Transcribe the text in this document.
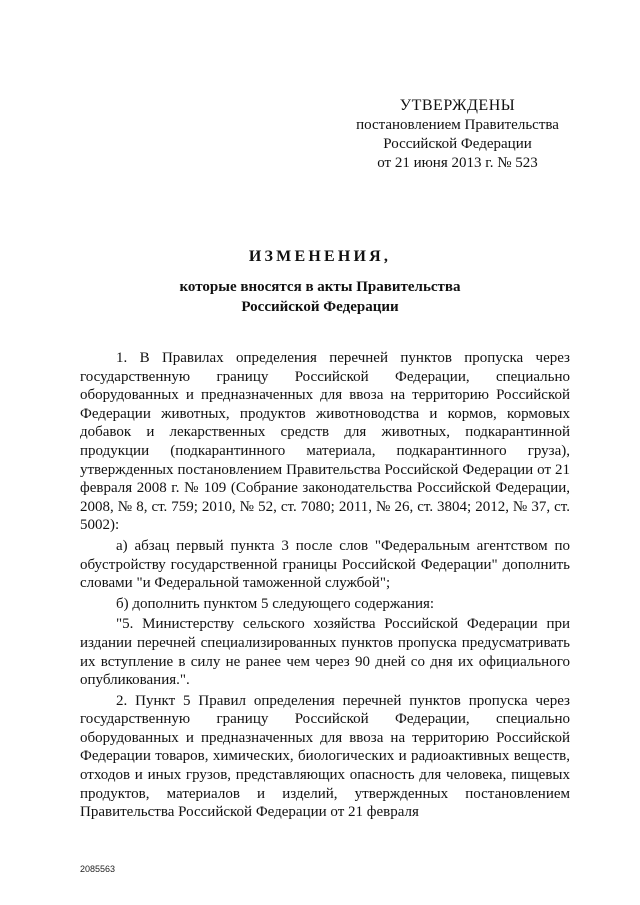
УТВЕРЖДЕНЫ
постановлением Правительства
Российской Федерации
от 21 июня 2013 г. № 523
ИЗМЕНЕНИЯ,
которые вносятся в акты Правительства
Российской Федерации

1. В Правилах определения перечней пунктов пропуска через государственную границу Российской Федерации, специально оборудованных и предназначенных для ввоза на территорию Российской Федерации животных, продуктов животноводства и кормов, кормовых добавок и лекарственных средств для животных, подкарантинной продукции (подкарантинного материала, подкарантинного груза), утвержденных постановлением Правительства Российской Федерации от 21 февраля 2008 г. № 109 (Собрание законодательства Российской Федерации, 2008, № 8, ст. 759; 2010, № 52, ст. 7080; 2011, № 26, ст. 3804; 2012, № 37, ст. 5002):

а) абзац первый пункта 3 после слов "Федеральным агентством по обустройству государственной границы Российской Федерации" дополнить словами "и Федеральной таможенной службой";

б) дополнить пунктом 5 следующего содержания:

"5. Министерству сельского хозяйства Российской Федерации при издании перечней специализированных пунктов пропуска предусматривать их вступление в силу не ранее чем через 90 дней со дня их официального опубликования.".

2. Пункт 5 Правил определения перечней пунктов пропуска через государственную границу Российской Федерации, специально оборудованных и предназначенных для ввоза на территорию Российской Федерации товаров, химических, биологических и радиоактивных веществ, отходов и иных грузов, представляющих опасность для человека, пищевых продуктов, материалов и изделий, утвержденных постановлением Правительства Российской Федерации от 21 февраля

2085563
